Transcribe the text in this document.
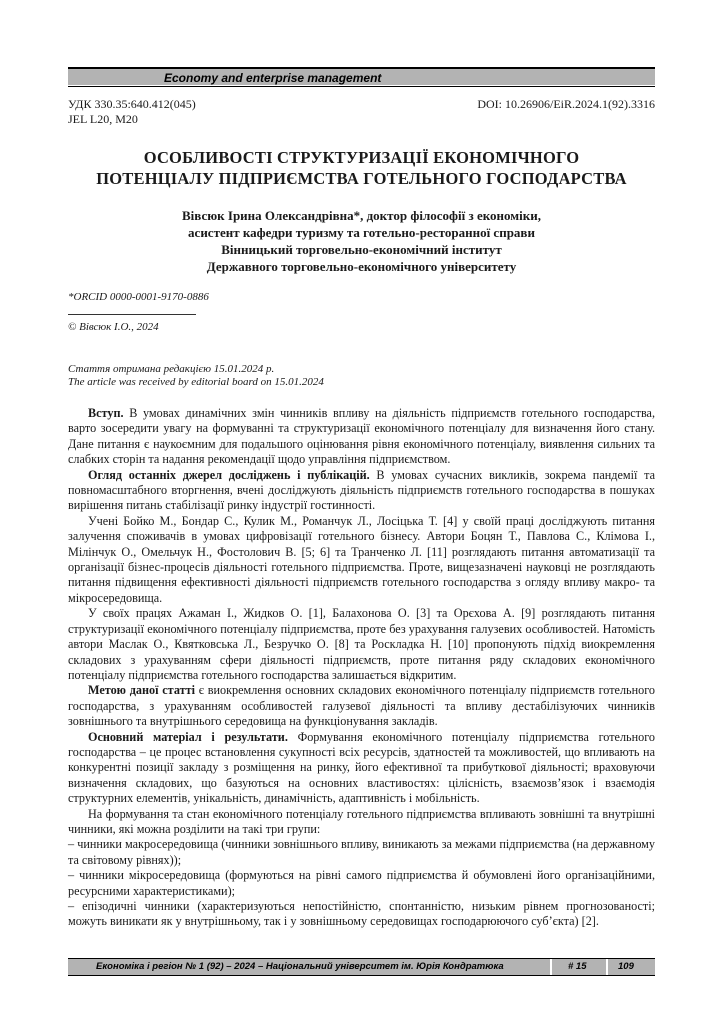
Economy and enterprise management
УДК 330.35:640.412(045)
JEL L20, M20
DOI: 10.26906/EiR.2024.1(92).3316
ОСОБЛИВОСТІ СТРУКТУРИЗАЦІЇ ЕКОНОМІЧНОГО
ПОТЕНЦІАЛУ ПІДПРИЄМСТВА ГОТЕЛЬНОГО ГОСПОДАРСТВА
Вівсюк Ірина Олександрівна*, доктор філософії з економіки,
асистент кафедри туризму та готельно-ресторанної справи
Вінницький торговельно-економічний інститут
Державного торговельно-економічного університету
*ORCID 0000-0001-9170-0886
© Вівсюк І.О., 2024
Стаття отримана редакцією 15.01.2024 р.
The article was received by editorial board on 15.01.2024

Вступ. В умовах динамічних змін чинників впливу на діяльність підприємств готельного господарства, варто зосередити увагу на формуванні та структуризації економічного потенціалу для визначення його стану. Дане питання є наукоємним для подальшого оцінювання рівня економічного потенціалу, виявлення сильних та слабких сторін та надання рекомендації щодо управління підприємством.

Огляд останніх джерел досліджень і публікацій. В умовах сучасних викликів, зокрема пандемії та повномасштабного вторгнення, вчені досліджують діяльність підприємств готельного господарства в пошуках вирішення питань стабілізації ринку індустрії гостинності.

Учені Бойко М., Бондар С., Кулик М., Романчук Л., Лосіцька Т. [4] у своїй праці досліджують питання залучення споживачів в умовах цифровізації готельного бізнесу. Автори Боцян Т., Павлова С., Клімова І., Мілінчук О., Омельчук Н., Фостолович В. [5; 6] та Транченко Л. [11] розглядають питання автоматизації та організації бізнес-процесів діяльності готельного підприємства. Проте, вищезазначені науковці не розглядають питання підвищення ефективності діяльності підприємств готельного господарства з огляду впливу макро- та мікросередовища.

У своїх працях Ажаман І., Жидков О. [1], Балахонова О. [3] та Орєхова А. [9] розглядають питання структуризації економічного потенціалу підприємства, проте без урахування галузевих особливостей. Натомість автори Маслак О., Квятковська Л., Безручко О. [8] та Роскладка Н. [10] пропонують підхід виокремлення складових з урахуванням сфери діяльності підприємств, проте питання ряду складових економічного потенціалу підприємства готельного господарства залишається відкритим.

Метою даної статті є виокремлення основних складових економічного потенціалу підприємств готельного господарства, з урахуванням особливостей галузевої діяльності та впливу дестабілізуючих чинників зовнішнього та внутрішнього середовища на функціонування закладів.

Основний матеріал і результати. Формування економічного потенціалу підприємства готельного господарства – це процес встановлення сукупності всіх ресурсів, здатностей та можливостей, що впливають на конкурентні позиції закладу з розміщення на ринку, його ефективної та прибуткової діяльності; враховуючи визначення складових, що базуються на основних властивостях: цілісність, взаємозв’язок і взаємодія структурних елементів, унікальність, динамічність, адаптивність і мобільність.

На формування та стан економічного потенціалу готельного підприємства впливають зовнішні та внутрішні чинники, які можна розділити на такі три групи:

– чинники макросередовища (чинники зовнішнього впливу, виникають за межами підприємства (на державному та світовому рівнях));

– чинники мікросередовища (формуються на рівні самого підприємства й обумовлені його організаційними, ресурсними характеристиками);

– епізодичні чинники (характеризуються непостійністю, спонтанністю, низьким рівнем прогнозованості; можуть виникати як у внутрішньому, так і у зовнішньому середовищах господарюючого суб’єкта) [2].

Економіка і регіон № 1 (92) – 2024 – Національний університет ім. Юрія Кондратюка	# 15	109
